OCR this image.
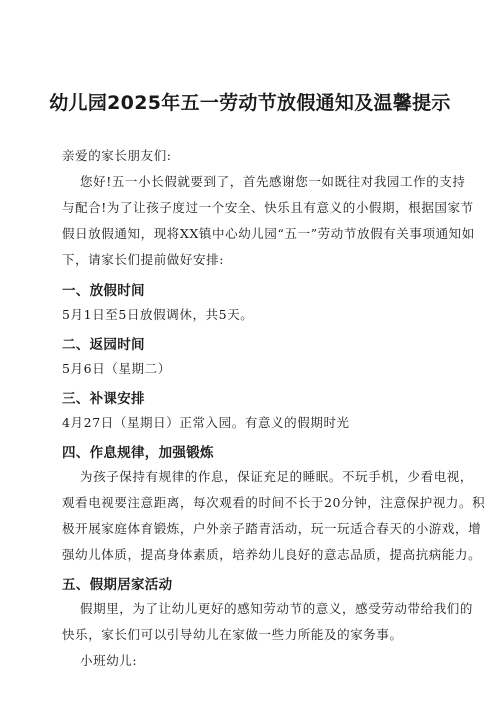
幼儿园2025年五一劳动节放假通知及温馨提示
亲爱的家长朋友们:
您好!五一小长假就要到了，首先感谢您一如既往对我园工作的支持
与配合!为了让孩子度过一个安全、快乐且有意义的小假期，根据国家节
假日放假通知，现将XX镇中心幼儿园“五一”劳动节放假有关事项通知如
下，请家长们提前做好安排:
一、放假时间
5月1日至5日放假调休，共5天。
二、返园时间
5月6日（星期二）
三、补课安排
4月27日（星期日）正常入园。有意义的假期时光
四、作息规律，加强锻炼
为孩子保持有规律的作息，保证充足的睡眠。不玩手机，少看电视，
观看电视要注意距离，每次观看的时间不长于20分钟，注意保护视力。积
极开展家庭体育锻炼，户外亲子踏青活动，玩一玩适合春天的小游戏，增
强幼儿体质，提高身体素质，培养幼儿良好的意志品质，提高抗病能力。
五、假期居家活动
假期里，为了让幼儿更好的感知劳动节的意义，感受劳动带给我们的
快乐，家长们可以引导幼儿在家做一些力所能及的家务事。
小班幼儿:
